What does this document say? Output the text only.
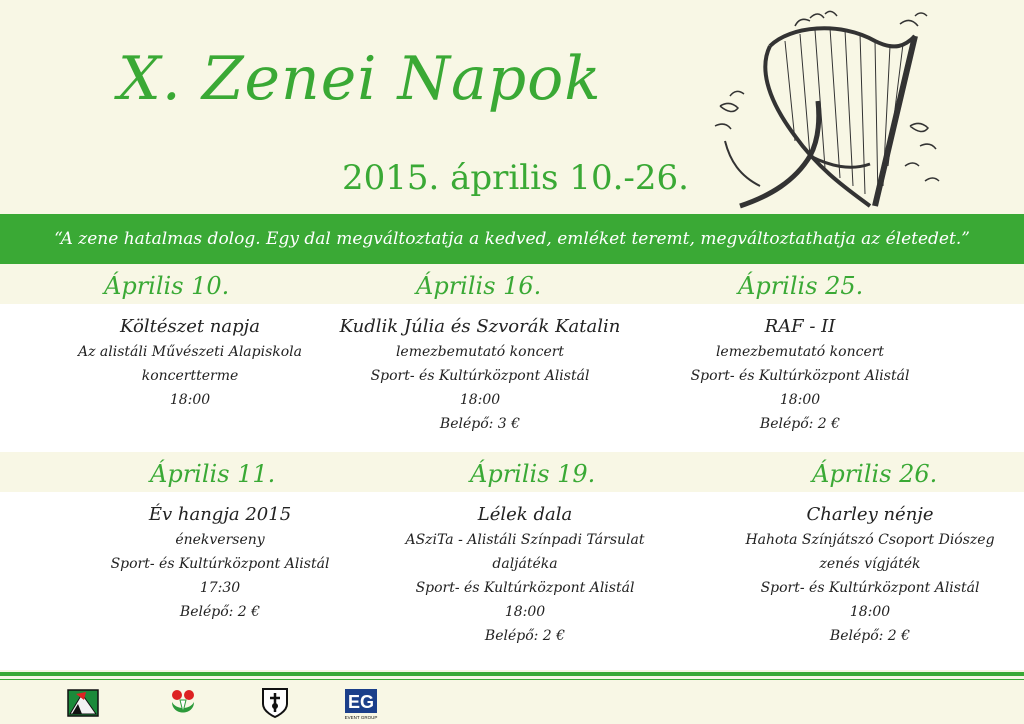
X. Zenei Napok
2015. április 10.-26.
“A zene hatalmas dolog. Egy dal megváltoztatja a kedved, emléket teremt, megváltoztathatja az életedet.”
Április 10.	Április 16.	Április 25.
Költészet napja
Az alistáli Művészeti Alapiskola
koncertterme
18:00
Kudlik Júlia és Szvorák Katalin
lemezbemutató koncert
Sport- és Kultúrközpont Alistál
18:00
Belépő: 3 €
RAF - II
lemezbemutató koncert
Sport- és Kultúrközpont Alistál
18:00
Belépő: 2 €
Április 11.	Április 19.	Április 26.
Év hangja 2015
énekverseny
Sport- és Kultúrközpont Alistál
17:30
Belépő: 2 €
Lélek dala
ASziTa - Alistáli Színpadi Társulat
daljátéka
Sport- és Kultúrközpont Alistál
18:00
Belépő: 2 €
Charley nénje
Hahota Színjátszó Csoport Diószeg
zenés vígjáték
Sport- és Kultúrközpont Alistál
18:00
Belépő: 2 €
EG
EVENT GROUP
